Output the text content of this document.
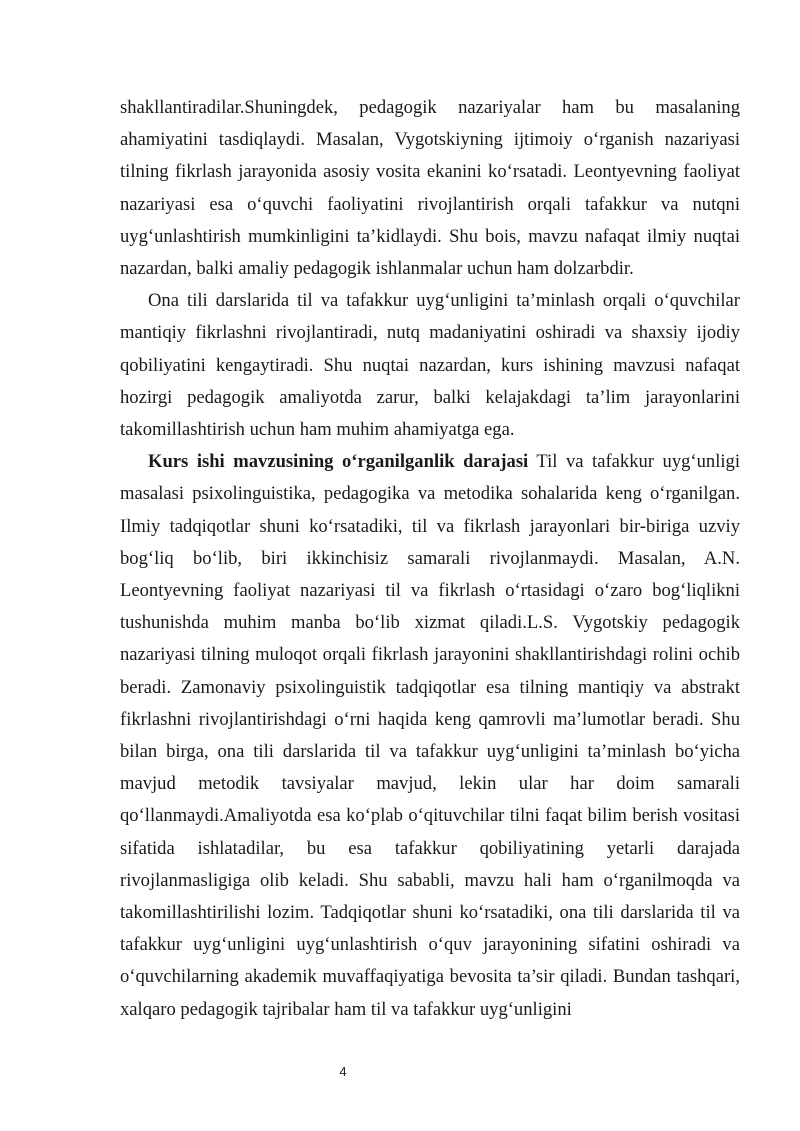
shakllantiradilar.Shuningdek, pedagogik nazariyalar ham bu masalaning ahamiyatini tasdiqlaydi. Masalan, Vygotskiyning ijtimoiy o‘rganish nazariyasi tilning fikrlash jarayonida asosiy vosita ekanini ko‘rsatadi. Leontyevning faoliyat nazariyasi esa o‘quvchi faoliyatini rivojlantirish orqali tafakkur va nutqni uyg‘unlashtirish mumkinligini ta’kidlaydi. Shu bois, mavzu nafaqat ilmiy nuqtai nazardan, balki amaliy pedagogik ishlanmalar uchun ham dolzarbdir.

Ona tili darslarida til va tafakkur uyg‘unligini ta’minlash orqali o‘quvchilar mantiqiy fikrlashni rivojlantiradi, nutq madaniyatini oshiradi va shaxsiy ijodiy qobiliyatini kengaytiradi. Shu nuqtai nazardan, kurs ishining mavzusi nafaqat hozirgi pedagogik amaliyotda zarur, balki kelajakdagi ta’lim jarayonlarini takomillashtirish uchun ham muhim ahamiyatga ega.

Kurs ishi mavzusining o‘rganilganlik darajasi Til va tafakkur uyg‘unligi masalasi psixolinguistika, pedagogika va metodika sohalarida keng o‘rganilgan. Ilmiy tadqiqotlar shuni ko‘rsatadiki, til va fikrlash jarayonlari bir-biriga uzviy bog‘liq bo‘lib, biri ikkinchisiz samarali rivojlanmaydi. Masalan, A.N. Leontyevning faoliyat nazariyasi til va fikrlash o‘rtasidagi o‘zaro bog‘liqlikni tushunishda muhim manba bo‘lib xizmat qiladi.L.S. Vygotskiy pedagogik nazariyasi tilning muloqot orqali fikrlash jarayonini shakllantirishdagi rolini ochib beradi. Zamonaviy psixolinguistik tadqiqotlar esa tilning mantiqiy va abstrakt fikrlashni rivojlantirishdagi o‘rni haqida keng qamrovli ma’lumotlar beradi. Shu bilan birga, ona tili darslarida til va tafakkur uyg‘unligini ta’minlash bo‘yicha mavjud metodik tavsiyalar mavjud, lekin ular har doim samarali qo‘llanmaydi.Amaliyotda esa ko‘plab o‘qituvchilar tilni faqat bilim berish vositasi sifatida ishlatadilar, bu esa tafakkur qobiliyatining yetarli darajada rivojlanmasligiga olib keladi. Shu sababli, mavzu hali ham o‘rganilmoqda va takomillashtirilishi lozim. Tadqiqotlar shuni ko‘rsatadiki, ona tili darslarida til va tafakkur uyg‘unligini uyg‘unlashtirish o‘quv jarayonining sifatini oshiradi va o‘quvchilarning akademik muvaffaqiyatiga bevosita ta’sir qiladi. Bundan tashqari, xalqaro pedagogik tajribalar ham til va tafakkur uyg‘unligini

4
